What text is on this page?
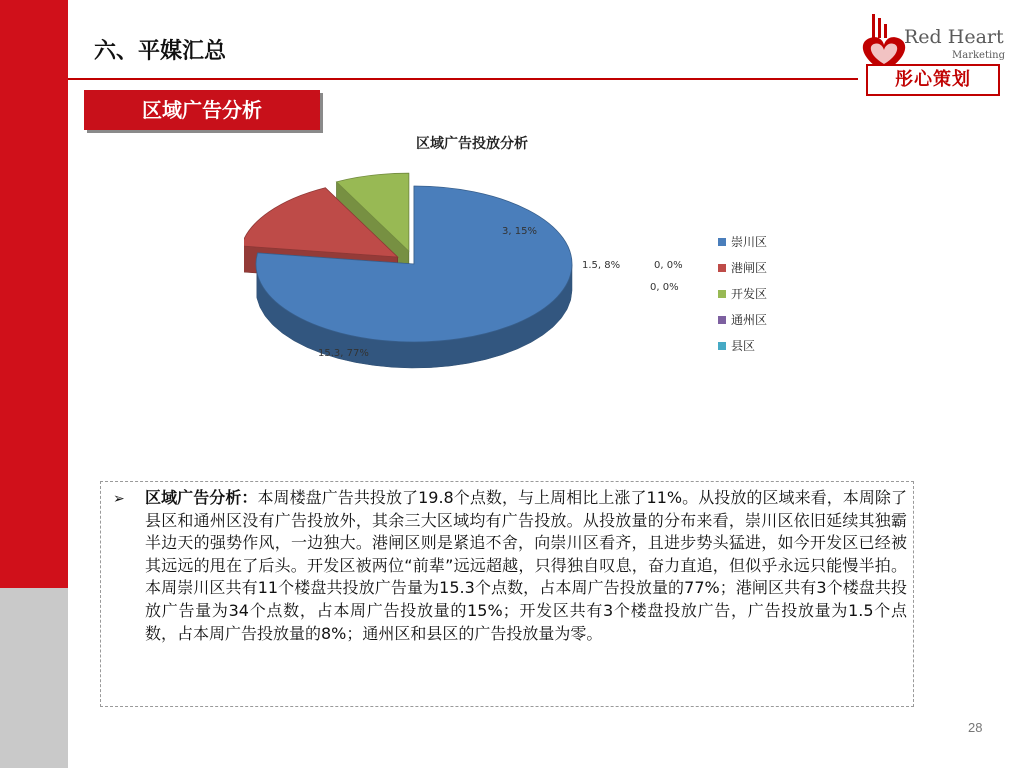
六、平媒汇总
Red Heart
Marketing
彤心策划
区域广告分析
区域广告投放分析
15.3, 77%
3, 15%
1.5, 8%	0, 0%
0, 0%
崇川区
港闸区
开发区
通州区
县区
➢ 区域广告分析：本周楼盘广告共投放了19.8个点数，与上周相比上涨了11%。从投放的区域来看，本周除了县区和通州区没有广告投放外，其余三大区域均有广告投放。从投放量的分布来看，崇川区依旧延续其独霸半边天的强势作风，一边独大。港闸区则是紧追不舍，向崇川区看齐，且进步势头猛进，如今开发区已经被其远远的甩在了后头。开发区被两位“前辈”远远超越，只得独自叹息，奋力直追，但似乎永远只能慢半拍。本周崇川区共有11个楼盘共投放广告量为15.3个点数，占本周广告投放量的77%；港闸区共有3个楼盘共投放广告量为34个点数，占本周广告投放量的15%；开发区共有3个楼盘投放广告，广告投放量为1.5个点数，占本周广告投放量的8%；通州区和县区的广告投放量为零。

28
